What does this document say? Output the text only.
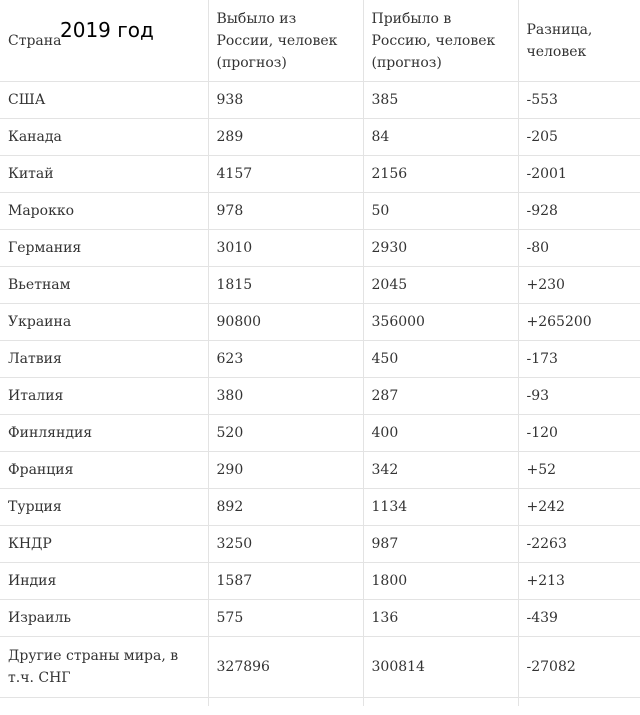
Страна	Выбыло из России, человек (прогноз)	Прибыло в Россию, человек (прогноз)	Разница, человек
США	938	385	-553
Канада	289	84	-205
Китай	4157	2156	-2001
Марокко	978	50	-928
Германия	3010	2930	-80
Вьетнам	1815	2045	+230
Украина	90800	356000	+265200
Латвия	623	450	-173
Италия	380	287	-93
Финляндия	520	400	-120
Франция	290	342	+52
Турция	892	1134	+242
КНДР	3250	987	-2263
Индия	1587	1800	+213
Израиль	575	136	-439
Другие страны мира, в т.ч. СНГ	327896	300814	-27082

2019 год
